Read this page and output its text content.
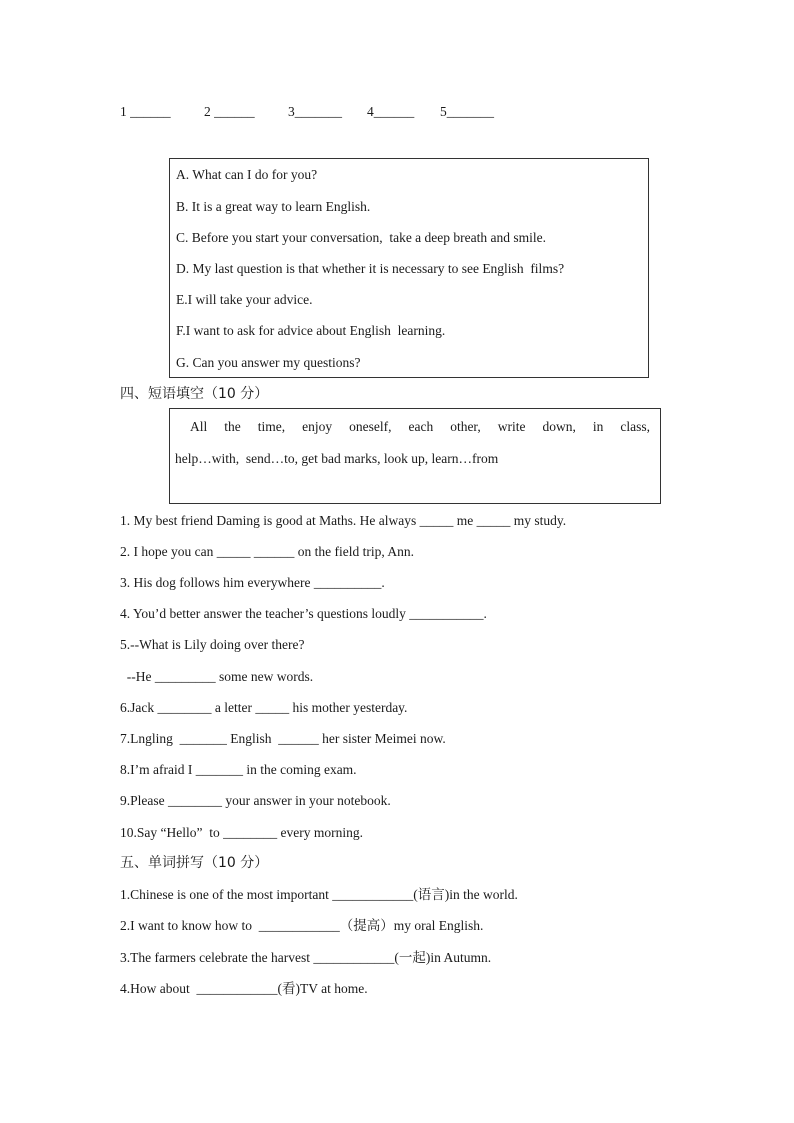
1 ______ 2 ______ 3_______ 4______ 5_______
A. What can I do for you?
B. It is a great way to learn English.
C. Before you start your conversation,  take a deep breath and smile.
D. My last question is that whether it is necessary to see English  films?
E.I will take your advice.
F.I want to ask for advice about English  learning.
G. Can you answer my questions?
四、短语填空（10 分）
All the time, enjoy oneself, each other, write down, in class,
help…with,  send…to, get bad marks, look up, learn…from
1. My best friend Daming is good at Maths. He always _____ me _____ my study.
2. I hope you can _____ ______ on the field trip, Ann.
3. His dog follows him everywhere __________.
4. You’d better answer the teacher’s questions loudly ___________.
5.--What is Lily doing over there?
--He _________ some new words.
6.Jack ________ a letter _____ his mother yesterday.
7.Lngling  _______ English  ______ her sister Meimei now.
8.I’m afraid I _______ in the coming exam.
9.Please ________ your answer in your notebook.
10.Say “Hello”  to ________ every morning.
五、单词拼写（10 分）
1.Chinese is one of the most important ____________(语言)in the world.
2.I want to know how to  ____________（提高）my oral English.
3.The farmers celebrate the harvest ____________(一起)in Autumn.
4.How about  ____________(看)TV at home.
